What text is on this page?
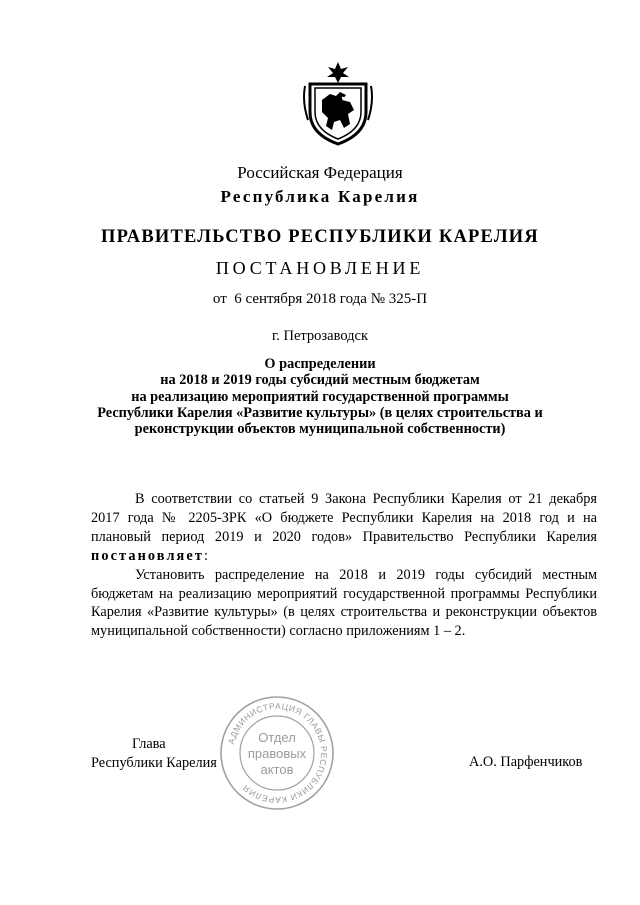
Российская Федерация
Республика Карелия
ПРАВИТЕЛЬСТВО РЕСПУБЛИКИ КАРЕЛИЯ
ПОСТАНОВЛЕНИЕ
от  6 сентября 2018 года № 325-П
г. Петрозаводск
О распределении
на 2018 и 2019 годы субсидий местным бюджетам
на реализацию мероприятий государственной программы
Республики Карелия «Развитие культуры» (в целях строительства и
реконструкции объектов муниципальной собственности)

В соответствии со статьей 9 Закона Республики Карелия от 21 декабря 2017 года № 2205-ЗРК «О бюджете Республики Карелия на 2018 год и на плановый период 2019 и 2020 годов» Правительство Республики Карелия постановляет:

Установить распределение на 2018 и 2019 годы субсидий местным бюджетам на реализацию мероприятий государственной программы Республики Карелия «Развитие культуры» (в целях строительства и реконструкции объектов муниципальной собственности) согласно приложениям 1 – 2.

Глава
Республики Карелия	А.О. Парфенчиков
АДМИНИСТРАЦИЯ ГЛАВЫ РЕСПУБЛИКИ КАРЕЛИЯ
Отдел
правовых
актов
